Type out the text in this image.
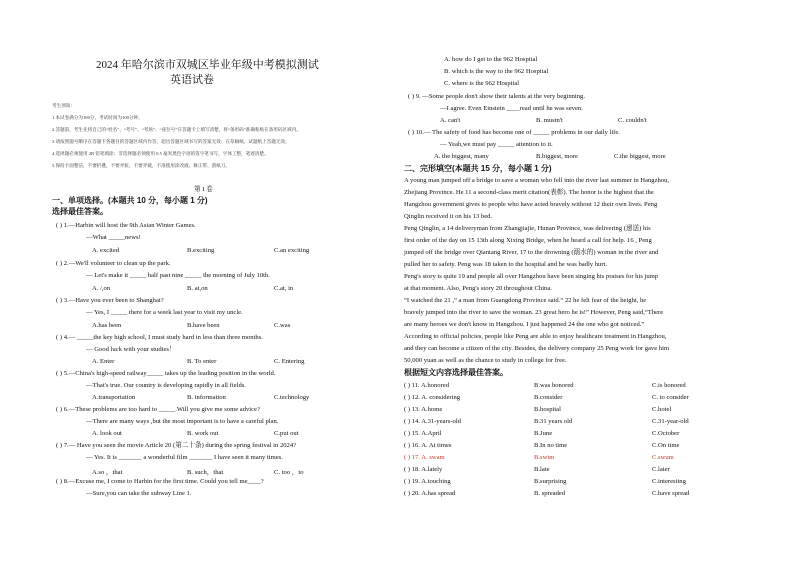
2024 年哈尔滨市双城区毕业年级中考模拟测试
英语试卷
考生须知：
1.本试卷满分为100分，考试时间为100分钟。
2.答题前，考生先将自己的“姓名”、“考号”、“考场”、“座位号”在答题卡上填写清楚，将“条形码”准确粘贴在条形码区域内。
3.请按照题号顺序在答题卡各题目的答题区域内作答，超出答题区域书写的答案无效；在草稿纸、试题纸上答题无效。
4.选择题必须使用 2B 铅笔填涂；非选择题必须使用 0.5 毫米黑色字迹的签字笔书写，字体工整，笔迹清楚。
5.保持卡面整洁，不要折叠，不要弄脏，不要弄破，不准使用涂改液、修正带、刮纸刀。
第 I 卷
一、单项选择。(本题共 10 分，每小题 1 分)
选择最佳答案。
( ) 1.—Harbin will host the 9th Asian Winter Games.
—What _____news!
A. excited	B.exciting	C.an exciting
( ) 2.—We'll volunteer to clean up the park.
— Let's make it _____ half past nine _____ the morning of July 10th.
A. /,on	B. at,on	C.at, in
( ) 3.—Have you ever been to Shanghai?
— Yes, I _____ there for a week last year to visit my uncle.
A.has been	B.have been	C.was
( ) 4.— _____the key high school, I must study hard in less than three months.
— Good luck with your studies！
A. Enter	B. To enter	C. Entering
( ) 5.—China's high-speed railway_____ takes up the leading position in the world.
—That's true. Our country is developing rapidly in all fields.
A.transportation	B. information	C.technology
( ) 6.—These problems are too hard to _____.Will you give me some advice?
—There are many ways ,but the most important is to have a careful plan.
A. look out	B. work out	C.put out
( ) 7.— Have you seen the movie Article 20 (第二十条) during the spring festival in 2024?
— Yes. It is _______ a wonderful film _______ I have seen it many times.
A.so ，that	B. such，that	C. too ，to
( ) 8.—Excuse me, I come to Harbin for the first time. Could you tell me____?
—Sure,you can take the subway Line 1.
A. how do I get to the 962 Hospital
B. which is the way to the 962 Hospital
C. where is the 962 Hospital
( ) 9. —Some people don't show their talents at the very beginning.
—I agree. Even Einstein ____read until he was seven.
A. can't	B. mustn't	C. couldn't
( ) 10.— The safety of food has become one of _____ problems in our daily life.
— Yeah,we must pay _____ attention to it.
A. the biggest, many	B.biggest, more	C.the biggest, more
二、完形填空(本题共 15 分，每小题 1 分)
A young man jumped off a bridge to save a woman who fell into the river last summer in Hangzhou,
Zhejiang Province. He 11 a second-class merit citation(表彰). The honor is the highest that the
Hangzhou government gives to people who have acted bravely without 12 their own lives. Peng
Qinglin received it on his 13 bed.
Peng Qinglin, a 14 deliveryman from Zhangjiajie, Hunan Province, was delivering (递送) his
first order of the day on 15 13th along Xixing Bridge, when he heard a call for help. 16 , Peng
jumped off the bridge over Qiantang River, 17 to the drowning (溺水的) woman in the river and
pulled her to safety. Peng was 18 taken to the hospital and he was badly hurt.
Peng's story is quite 19 and people all over Hangzhou have been singing his praises for his jump
at that moment. Also, Peng's story 20 throughout China.
“I watched the 21 ,” a man from Guangdong Province said.“ 22 he felt fear of the height, he
bravely jumped into the river to save the woman. 23 great hero he is!” However, Peng said,“There
are many heroes we don't know in Hangzhou. I just happened 24 the one who got noticed.”
According to official policies, people like Peng are able to enjoy healthcare treatment in Hangzhou,
and they can become a citizen of the city. Besides, the delivery company 25 Peng work for gave him
50,000 yuan as well as the chance to study in college for free.
根据短文内容选择最佳答案。
( ) 11. A.honored	B.was honored	C.is honored
( ) 12. A. considering	B.consider	C. to consider
( ) 13. A.home	B.hospital	C.hotel
( ) 14. A.31-years-old	B.31 years old	C.31-year-old
( ) 15. A.April	B.June	C.October
( ) 16. A. At times	B.In no time	C.On time
( ) 17. A. swam	B.swim	C.swum
( ) 18. A.lately	B.late	C.later
( ) 19. A.touching	B.surprising	C.interesting
( ) 20. A.has spread	B. spreaded	C.have spread
